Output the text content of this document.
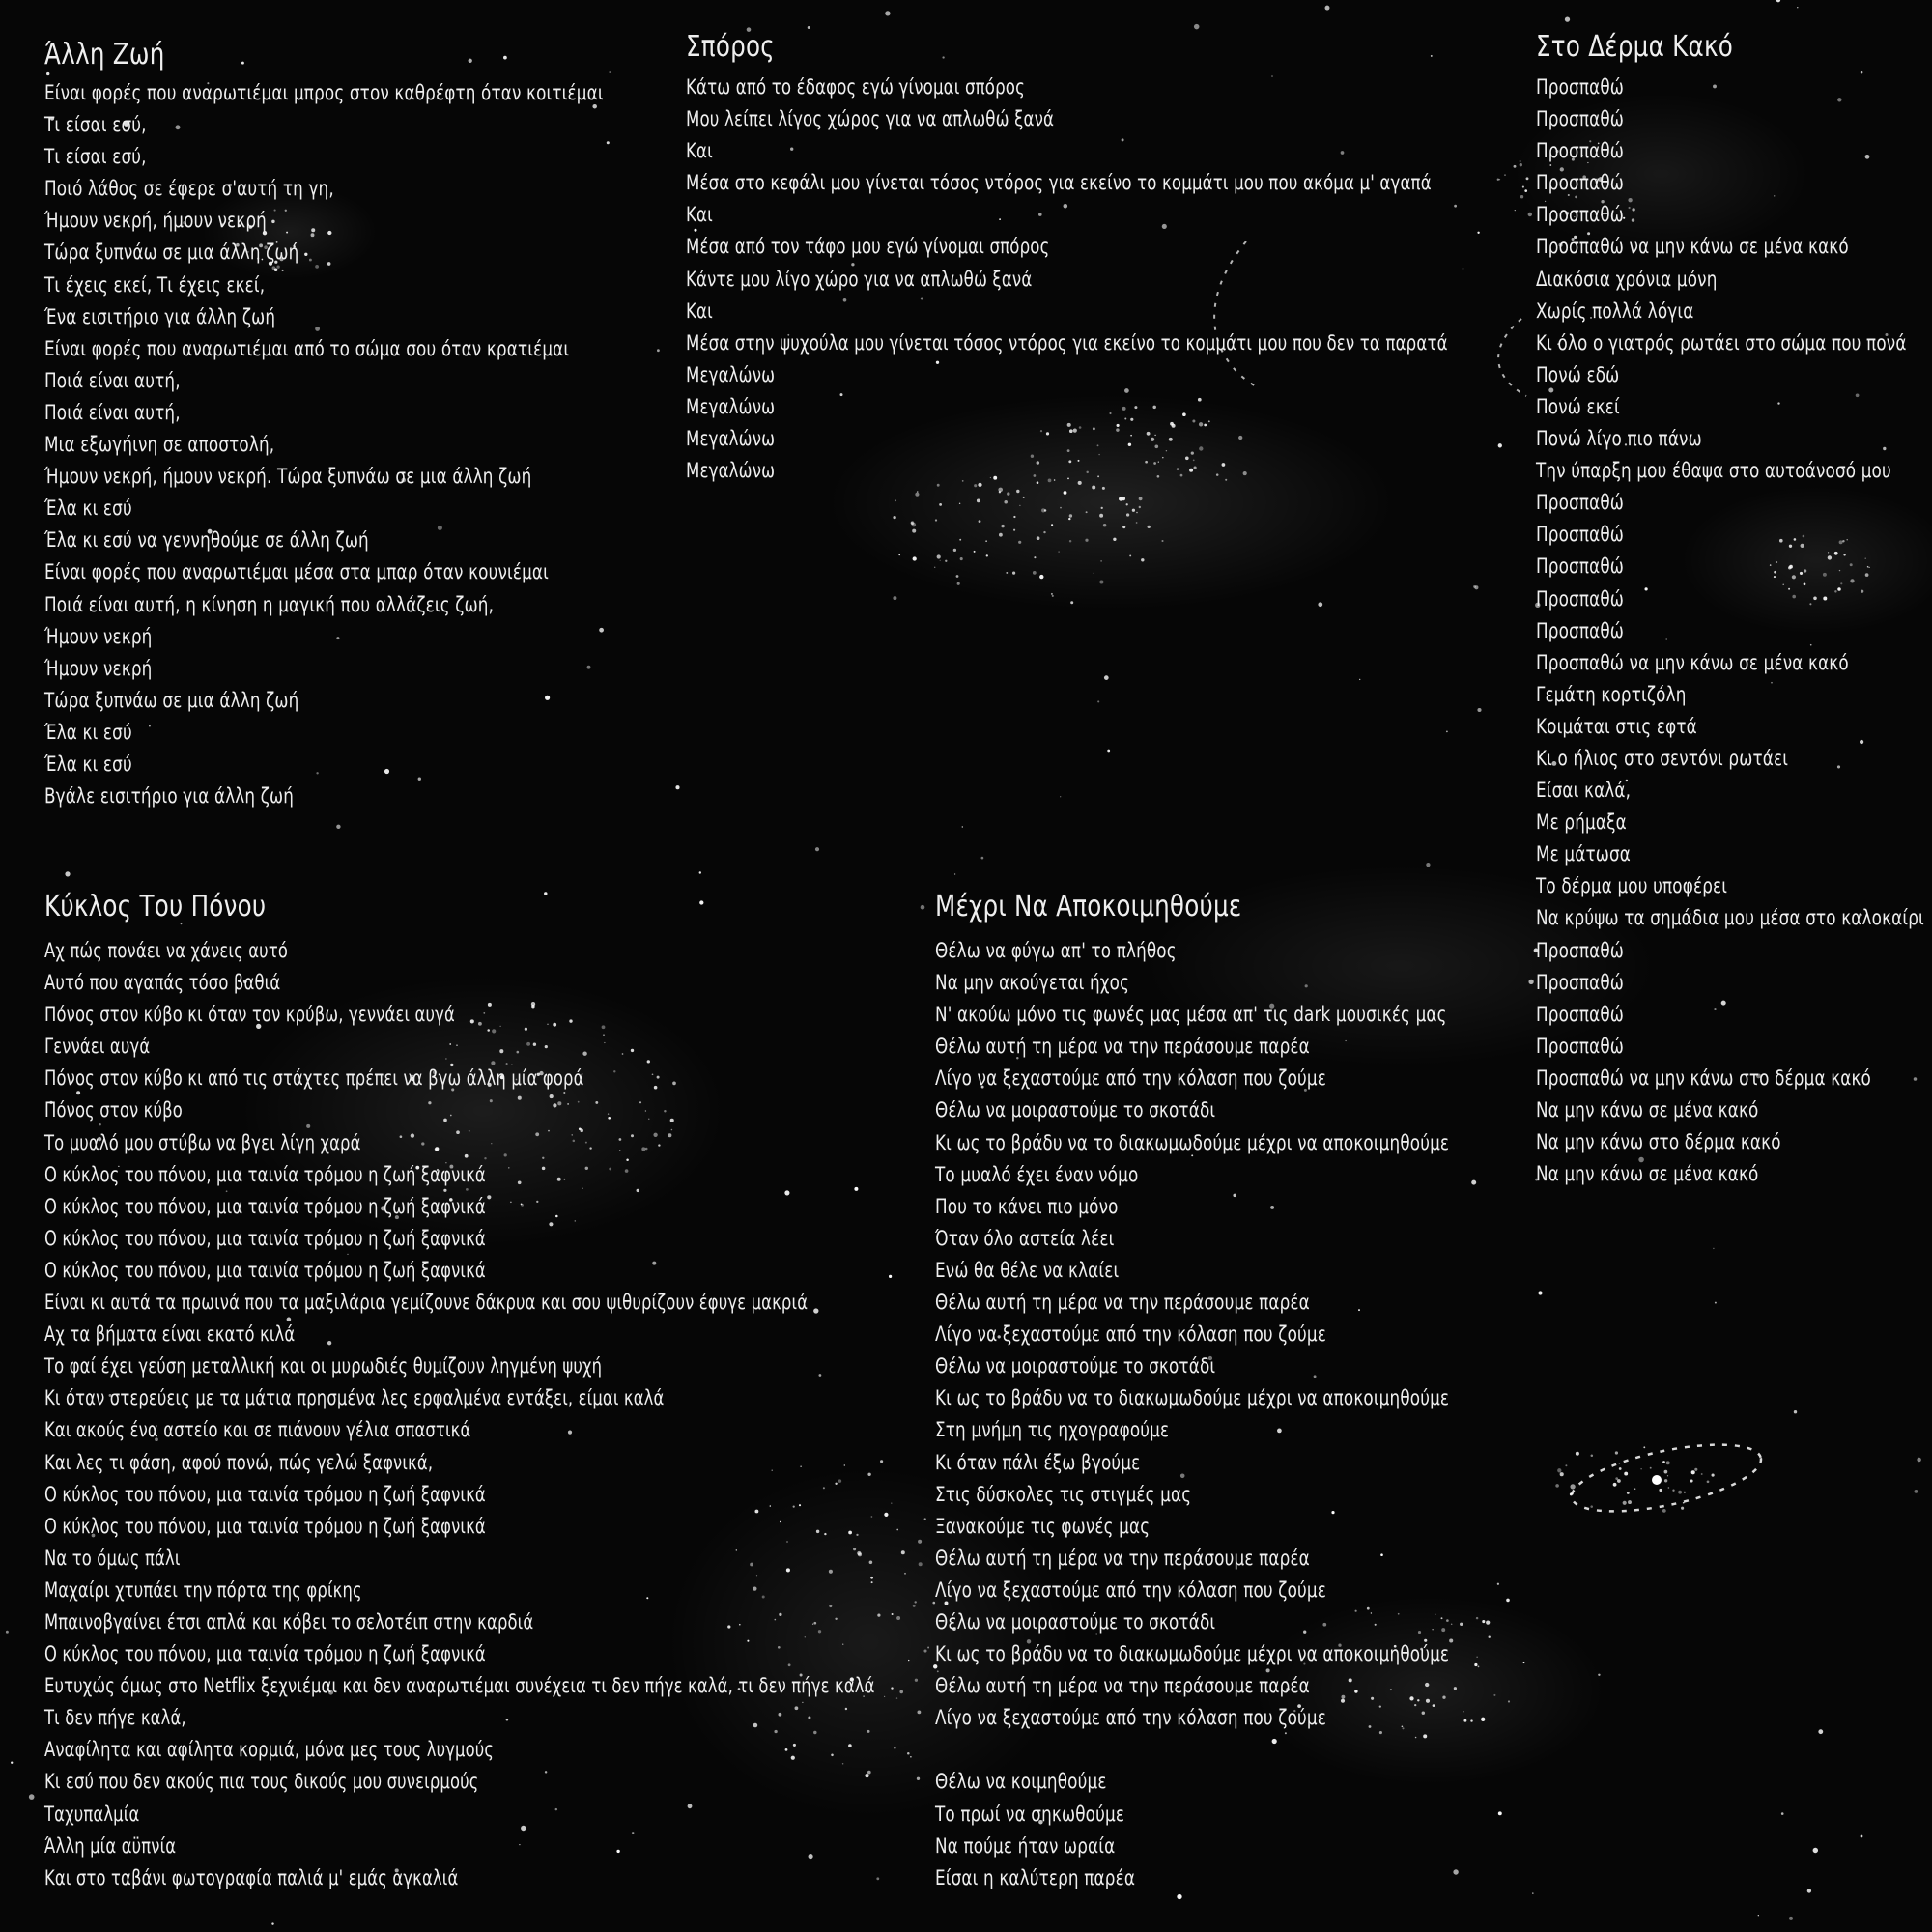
Άλλη Ζωή
Είναι φορές που αναρωτιέμαι μπρος στον καθρέφτη όταν κοιτιέμαι
Τι είσαι εσύ,
Τι είσαι εσύ,
Ποιό λάθος σε έφερε σ'αυτή τη γη,
Ήμουν νεκρή, ήμουν νεκρή
Τώρα ξυπνάω σε μια άλλη ζωή
Τι έχεις εκεί, Τι έχεις εκεί,
Ένα εισιτήριο για άλλη ζωή
Είναι φορές που αναρωτιέμαι από το σώμα σου όταν κρατιέμαι
Ποιά είναι αυτή,
Ποιά είναι αυτή,
Μια εξωγήινη σε αποστολή,
Ήμουν νεκρή, ήμουν νεκρή. Τώρα ξυπνάω σε μια άλλη ζωή
Έλα κι εσύ
Έλα κι εσύ να γεννηθούμε σε άλλη ζωή
Είναι φορές που αναρωτιέμαι μέσα στα μπαρ όταν κουνιέμαι
Ποιά είναι αυτή, η κίνηση η μαγική που αλλάζεις ζωή,
Ήμουν νεκρή
Ήμουν νεκρή
Τώρα ξυπνάω σε μια άλλη ζωή
Έλα κι εσύ
Έλα κι εσύ
Βγάλε εισιτήριο για άλλη ζωή
Σπόρος
Κάτω από το έδαφος εγώ γίνομαι σπόρος
Μου λείπει λίγος χώρος για να απλωθώ ξανά
Και
Μέσα στο κεφάλι μου γίνεται τόσος ντόρος για εκείνο το κομμάτι μου που ακόμα μ' αγαπά
Και
Μέσα από τον τάφο μου εγώ γίνομαι σπόρος
Κάντε μου λίγο χώρο για να απλωθώ ξανά
Και
Μέσα στην ψυχούλα μου γίνεται τόσος ντόρος για εκείνο το κομμάτι μου που δεν τα παρατά
Μεγαλώνω
Μεγαλώνω
Μεγαλώνω
Μεγαλώνω
Στο Δέρμα Κακό
Προσπαθώ
Προσπαθώ
Προσπαθώ
Προσπαθώ
Προσπαθώ
Προσπαθώ να μην κάνω σε μένα κακό
Διακόσια χρόνια μόνη
Χωρίς πολλά λόγια
Κι όλο ο γιατρός ρωτάει στο σώμα που πονά
Πονώ εδώ
Πονώ εκεί
Πονώ λίγο πιο πάνω
Την ύπαρξη μου έθαψα στο αυτοάνοσό μου
Προσπαθώ
Προσπαθώ
Προσπαθώ
Προσπαθώ
Προσπαθώ
Προσπαθώ να μην κάνω σε μένα κακό
Γεμάτη κορτιζόλη
Κοιμάται στις εφτά
Κι ο ήλιος στο σεντόνι ρωτάει
Είσαι καλά,
Με ρήμαξα
Με μάτωσα
Το δέρμα μου υποφέρει
Να κρύψω τα σημάδια μου μέσα στο καλοκαίρι
Προσπαθώ
Προσπαθώ
Προσπαθώ
Προσπαθώ
Προσπαθώ να μην κάνω στο δέρμα κακό
Να μην κάνω σε μένα κακό
Να μην κάνω στο δέρμα κακό
Να μην κάνω σε μένα κακό
Κύκλος Του Πόνου
Αχ πώς πονάει να χάνεις αυτό
Αυτό που αγαπάς τόσο βαθιά
Πόνος στον κύβο κι όταν τον κρύβω, γεννάει αυγά
Γεννάει αυγά
Πόνος στον κύβο κι από τις στάχτες πρέπει να βγω άλλη μία φορά
Πόνος στον κύβο
Το μυαλό μου στύβω να βγει λίγη χαρά
Ο κύκλος του πόνου, μια ταινία τρόμου η ζωή ξαφνικά
Ο κύκλος του πόνου, μια ταινία τρόμου η ζωή ξαφνικά
Ο κύκλος του πόνου, μια ταινία τρόμου η ζωή ξαφνικά
Ο κύκλος του πόνου, μια ταινία τρόμου η ζωή ξαφνικά
Είναι κι αυτά τα πρωινά που τα μαξιλάρια γεμίζουνε δάκρυα και σου ψιθυρίζουν έφυγε μακριά
Αχ τα βήματα είναι εκατό κιλά
Το φαί έχει γεύση μεταλλική και οι μυρωδιές θυμίζουν ληγμένη ψυχή
Κι όταν στερεύεις με τα μάτια πρησμένα λες ερφαλμένα εντάξει, είμαι καλά
Και ακούς ένα αστείο και σε πιάνουν γέλια σπαστικά
Και λες τι φάση, αφού πονώ, πώς γελώ ξαφνικά,
Ο κύκλος του πόνου, μια ταινία τρόμου η ζωή ξαφνικά
Ο κύκλος του πόνου, μια ταινία τρόμου η ζωή ξαφνικά
Να το όμως πάλι
Μαχαίρι χτυπάει την πόρτα της φρίκης
Μπαινοβγαίνει έτσι απλά και κόβει το σελοτέιπ στην καρδιά
Ο κύκλος του πόνου, μια ταινία τρόμου η ζωή ξαφνικά
Ευτυχώς όμως στο Netflix ξεχνιέμαι και δεν αναρωτιέμαι συνέχεια τι δεν πήγε καλά, τι δεν πήγε καλά
Τι δεν πήγε καλά,
Αναφίλητα και αφίλητα κορμιά, μόνα μες τους λυγμούς
Κι εσύ που δεν ακούς πια τους δικούς μου συνειρμούς
Ταχυπαλμία
Άλλη μία αϋπνία
Και στο ταβάνι φωτογραφία παλιά μ' εμάς αγκαλιά
Μέχρι Να Αποκοιμηθούμε
Θέλω να φύγω απ' το πλήθος
Να μην ακούγεται ήχος
Ν' ακούω μόνο τις φωνές μας μέσα απ' τις dark μουσικές μας
Θέλω αυτή τη μέρα να την περάσουμε παρέα
Λίγο να ξεχαστούμε από την κόλαση που ζούμε
Θέλω να μοιραστούμε το σκοτάδι
Κι ως το βράδυ να το διακωμωδούμε μέχρι να αποκοιμηθούμε
Το μυαλό έχει έναν νόμο
Που το κάνει πιο μόνο
Όταν όλο αστεία λέει
Ενώ θα θέλε να κλαίει
Θέλω αυτή τη μέρα να την περάσουμε παρέα
Λίγο να ξεχαστούμε από την κόλαση που ζούμε
Θέλω να μοιραστούμε το σκοτάδι
Κι ως το βράδυ να το διακωμωδούμε μέχρι να αποκοιμηθούμε
Στη μνήμη τις ηχογραφούμε
Κι όταν πάλι έξω βγούμε
Στις δύσκολες τις στιγμές μας
Ξανακούμε τις φωνές μας
Θέλω αυτή τη μέρα να την περάσουμε παρέα
Λίγο να ξεχαστούμε από την κόλαση που ζούμε
Θέλω να μοιραστούμε το σκοτάδι
Κι ως το βράδυ να το διακωμωδούμε μέχρι να αποκοιμηθούμε
Θέλω αυτή τη μέρα να την περάσουμε παρέα
Λίγο να ξεχαστούμε από την κόλαση που ζούμε
Θέλω να κοιμηθούμε
Το πρωί να σηκωθούμε
Να πούμε ήταν ωραία
Είσαι η καλύτερη παρέα
